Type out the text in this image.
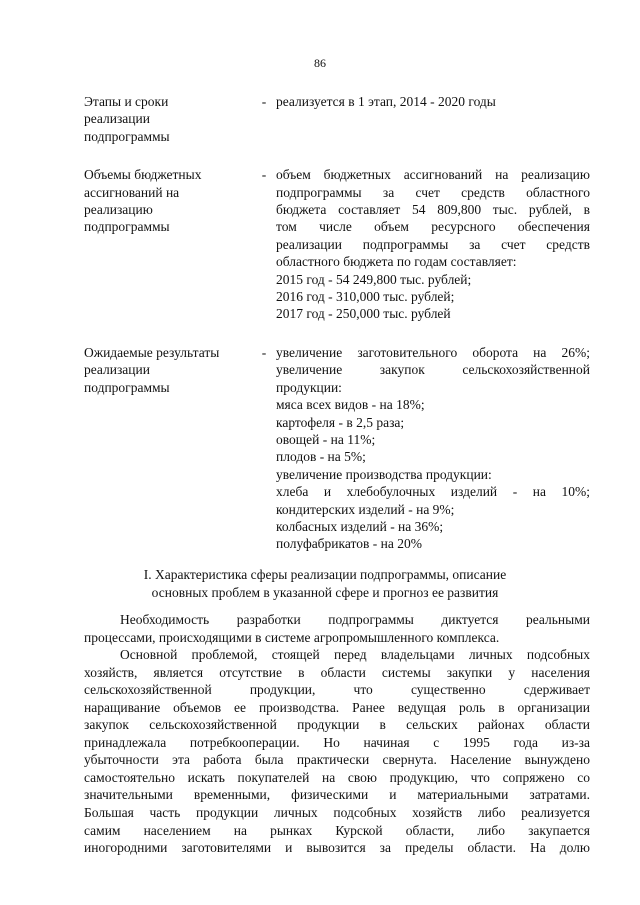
86
Этапы и сроки
реализации
подпрограммы
- реализуется в 1 этап, 2014 - 2020 годы
Объемы бюджетных
ассигнований на
реализацию
подпрограммы
- объем бюджетных ассигнований на реализацию
подпрограммы за счет средств областного
бюджета составляет 54 809,800 тыс. рублей, в
том числе объем ресурсного обеспечения
реализации подпрограммы за счет средств
областного бюджета по годам составляет:
2015 год - 54 249,800 тыс. рублей;
2016 год - 310,000 тыс. рублей;
2017 год - 250,000 тыс. рублей
Ожидаемые результаты
реализации
подпрограммы
- увеличение заготовительного оборота на 26%;
увеличение закупок сельскохозяйственной
продукции:
мяса всех видов - на 18%;
картофеля - в 2,5 раза;
овощей - на 11%;
плодов - на 5%;
увеличение производства продукции:
хлеба и хлебобулочных изделий - на 10%;
кондитерских изделий - на 9%;
колбасных изделий - на 36%;
полуфабрикатов - на 20%
I. Характеристика сферы реализации подпрограммы, описание
основных проблем в указанной сфере и прогноз ее развития
Необходимость разработки подпрограммы диктуется реальными
процессами, происходящими в системе агропромышленного комплекса.
Основной проблемой, стоящей перед владельцами личных подсобных
хозяйств, является отсутствие в области системы закупки у населения
сельскохозяйственной продукции, что существенно сдерживает
наращивание объемов ее производства. Ранее ведущая роль в организации
закупок сельскохозяйственной продукции в сельских районах области
принадлежала потребкооперации. Но начиная с 1995 года из-за
убыточности эта работа была практически свернута. Население вынуждено
самостоятельно искать покупателей на свою продукцию, что сопряжено со
значительными временными, физическими и материальными затратами.
Большая часть продукции личных подсобных хозяйств либо реализуется
самим населением на рынках Курской области, либо закупается
иногородними заготовителями и вывозится за пределы области. На долю
